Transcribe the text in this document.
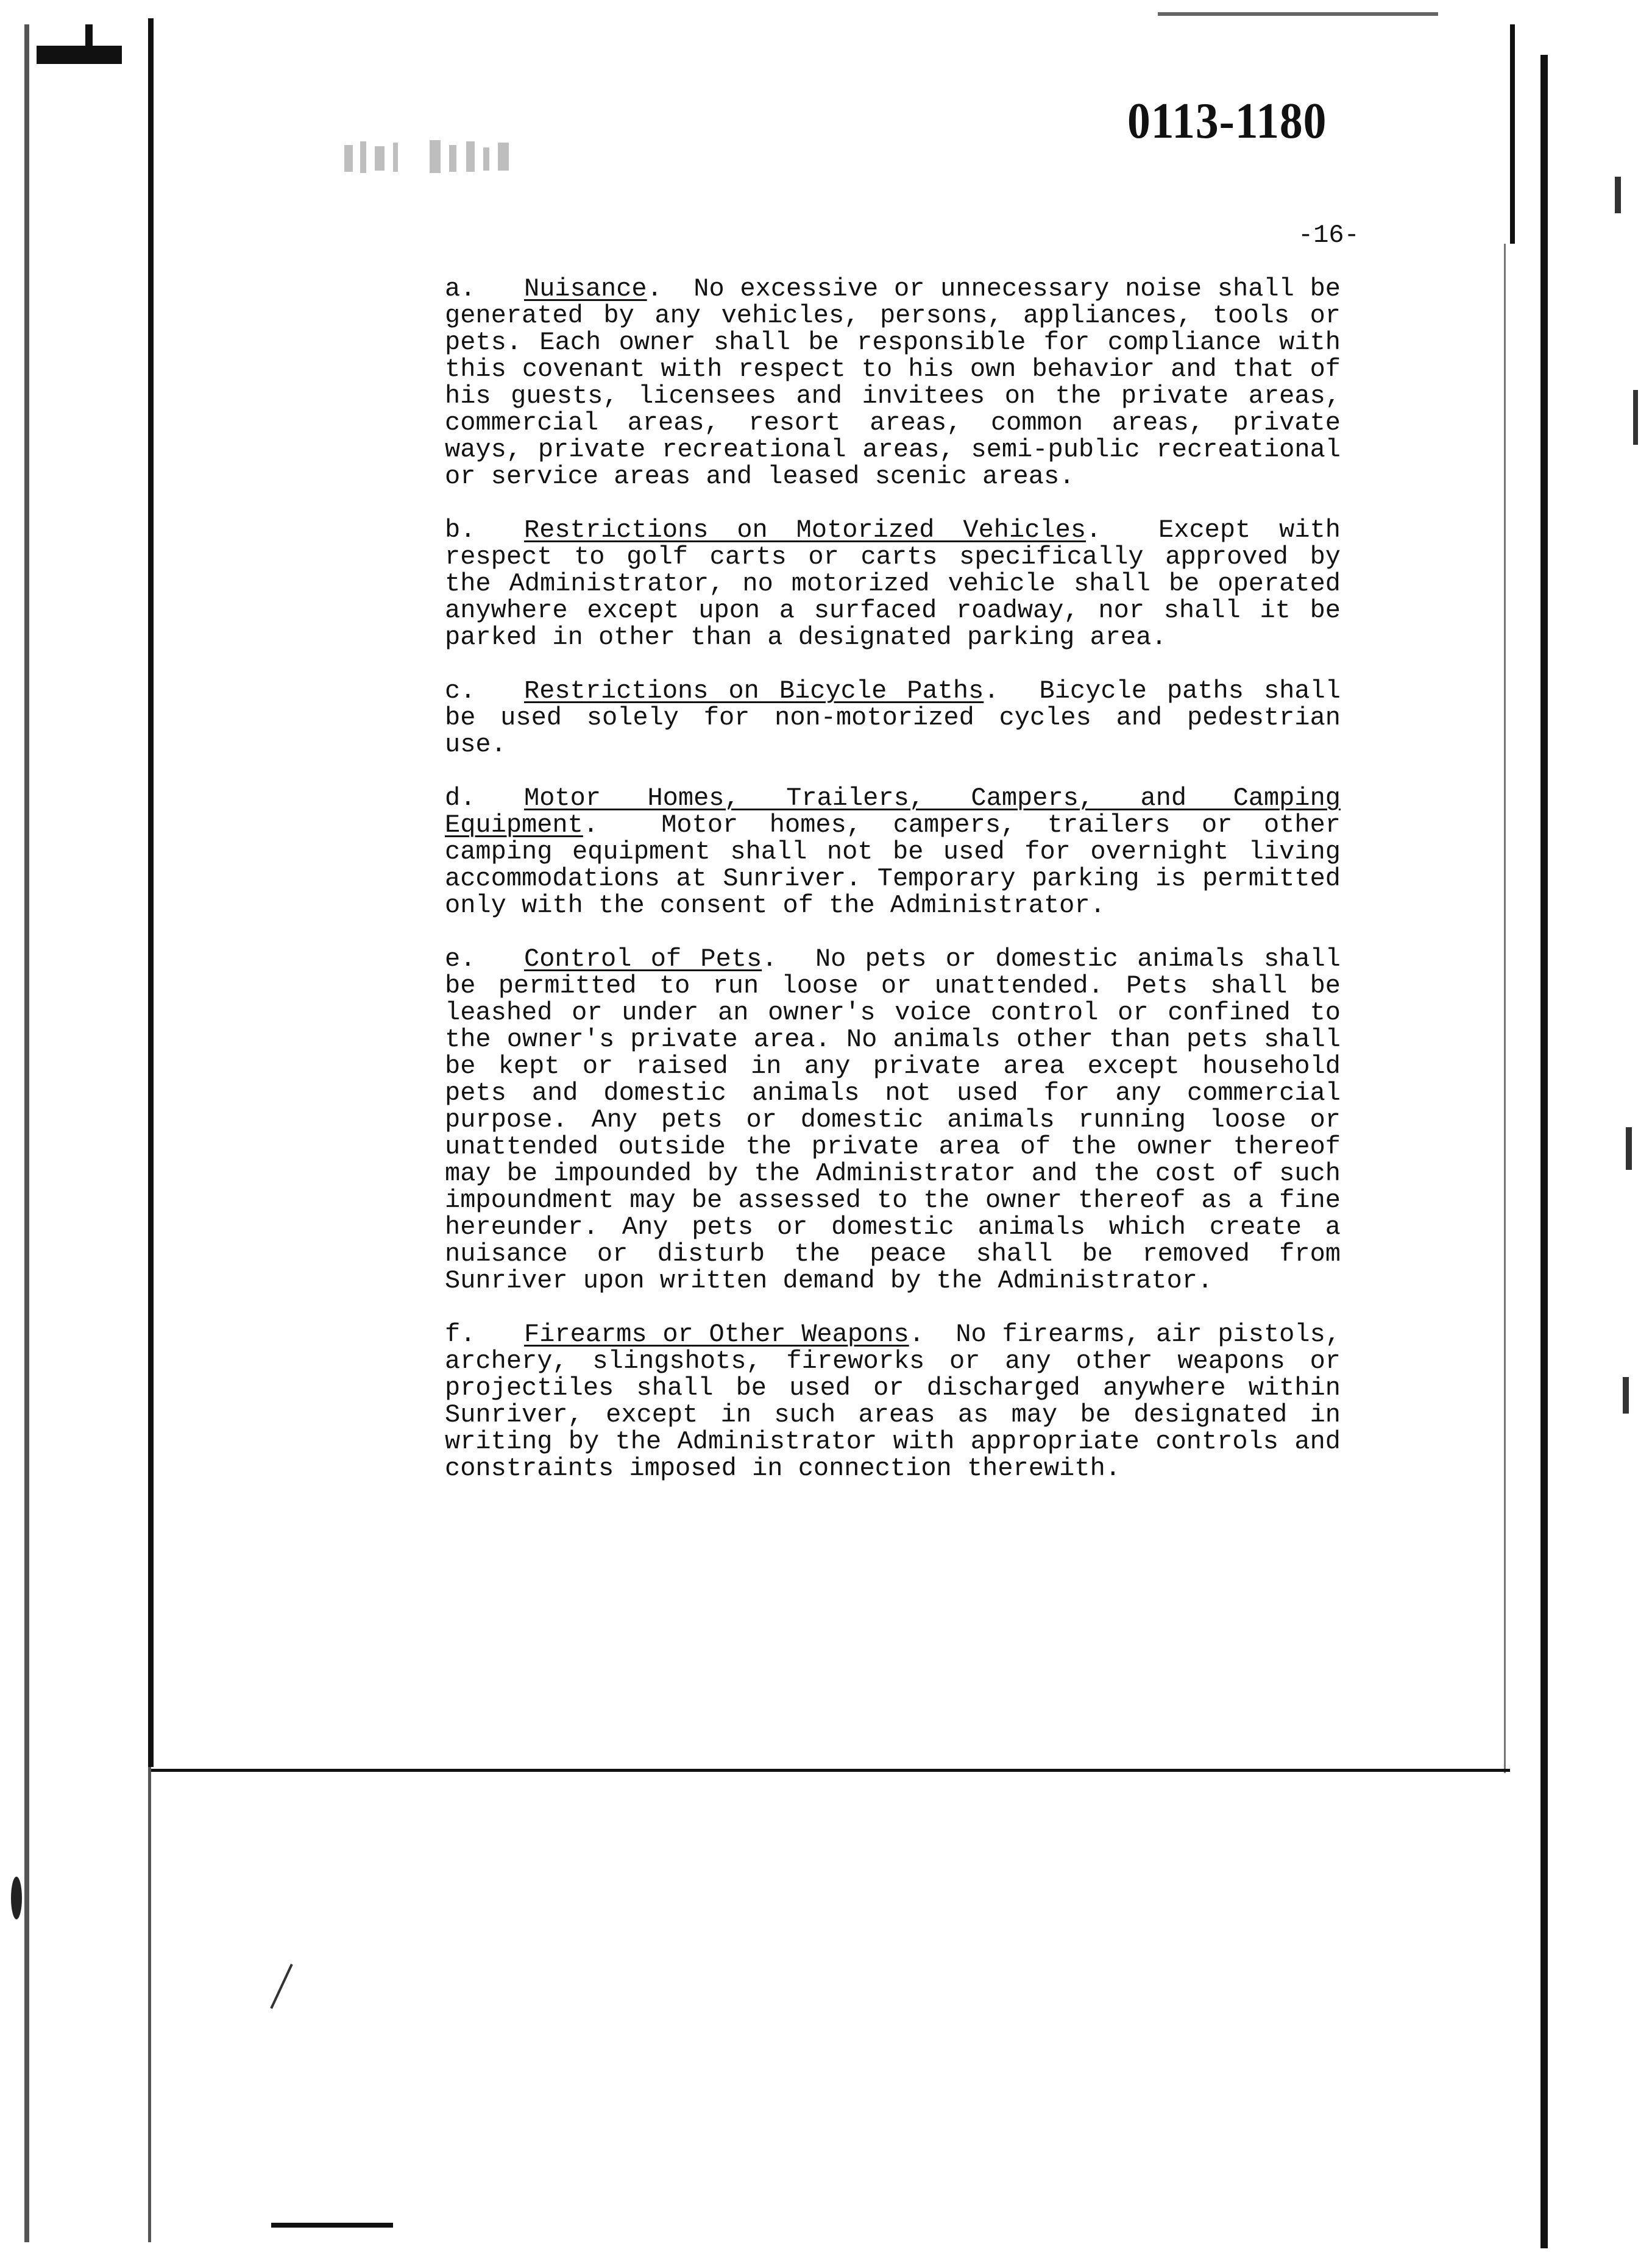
0113-1180
-16-

a. Nuisance.  No excessive or unnecessary noise shall be generated by any vehicles, persons, appliances, tools or pets. Each owner shall be responsible for compliance with this covenant with respect to his own behavior and that of his guests, licensees and invitees on the private areas, commercial areas, resort areas, common areas, private ways, private recreational areas, semi-public recreational or service areas and leased scenic areas.

b. Restrictions on Motorized Vehicles.  Except with respect to golf carts or carts specifically approved by the Administrator, no motorized vehicle shall be operated anywhere except upon a surfaced roadway, nor shall it be parked in other than a designated parking area.

c. Restrictions on Bicycle Paths.  Bicycle paths shall be used solely for non-motorized cycles and pedestrian use.

d. Motor Homes, Trailers, Campers, and Camping Equipment.  Motor homes, campers, trailers or other camping equipment shall not be used for overnight living accommodations at Sunriver. Temporary parking is permitted only with the consent of the Administrator.

e. Control of Pets.  No pets or domestic animals shall be permitted to run loose or unattended. Pets shall be leashed or under an owner's voice control or confined to the owner's private area. No animals other than pets shall be kept or raised in any private area except household pets and domestic animals not used for any commercial purpose. Any pets or domestic animals running loose or unattended outside the private area of the owner thereof may be impounded by the Administrator and the cost of such impoundment may be assessed to the owner thereof as a fine hereunder. Any pets or domestic animals which create a nuisance or disturb the peace shall be removed from Sunriver upon written demand by the Administrator.

f. Firearms or Other Weapons.  No firearms, air pistols, archery, slingshots, fireworks or any other weapons or projectiles shall be used or discharged anywhere within Sunriver, except in such areas as may be designated in writing by the Administrator with appropriate controls and constraints imposed in connection therewith.
